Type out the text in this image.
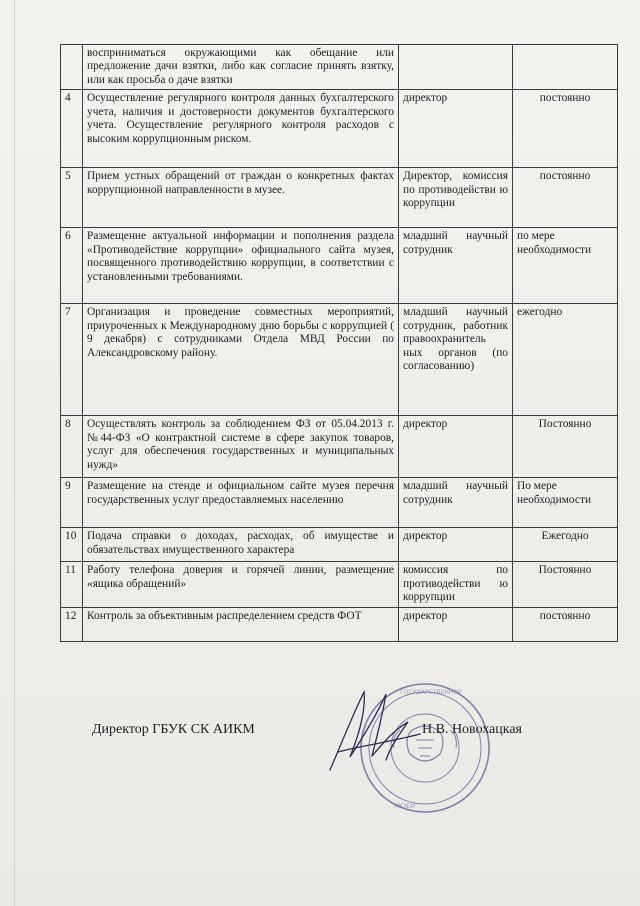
	восприниматься окружающими как обещание или предложение дачи взятки, либо как согласие принять взятку, или как просьба о даче взятки		
4	Осуществление регулярного контроля данных бухгалтерского учета, наличия и достоверности документов бухгалтерского учета. Осуществление регулярного контроля расходов с высоким коррупционным риском.	директор	постоянно
5	Прием устных обращений от граждан о конкретных фактах коррупционной направленности в музее.	Директор, комиссия по противодействи ю коррупции	постоянно
6	Размещение актуальной информации и пополнения раздела «Противодействие коррупции» официального сайта музея, посвященного противодействию коррупции, в соответствии с установленными требованиями.	младший научный сотрудник	по мере необходимости
7	Организация и проведение совместных мероприятий, приуроченных к Международному дню борьбы с коррупцией ( 9 декабря) с сотрудниками Отдела МВД России по Александровскому району.	младший научный сотрудник, работник правоохранитель ных органов (по согласованию)	ежегодно
8	Осуществлять контроль за соблюдением ФЗ от 05.04.2013 г. №44-ФЗ «О контрактной системе в сфере закупок товаров, услуг для обеспечения государственных и муниципальных нужд»	директор	Постоянно
9	Размещение на стенде и официальном сайте музея перечня государственных услуг предоставляемых населению	младший научный сотрудник	По мере необходимости
10	Подача справки о доходах, расходах, об имуществе и обязательствах имущественного характера	директор	Ежегодно
11	Работу телефона доверия и горячей линии, размещение «ящика обращений»	комиссия по противодействи ю коррупции	Постоянно
12	Контроль за объективным распределением средств ФОТ	директор	постоянно
ГОСУДАРСТВЕННОЕ
МУЗЕЙ
Директор ГБУК СК АИКМ	Н.В. Новохацкая
